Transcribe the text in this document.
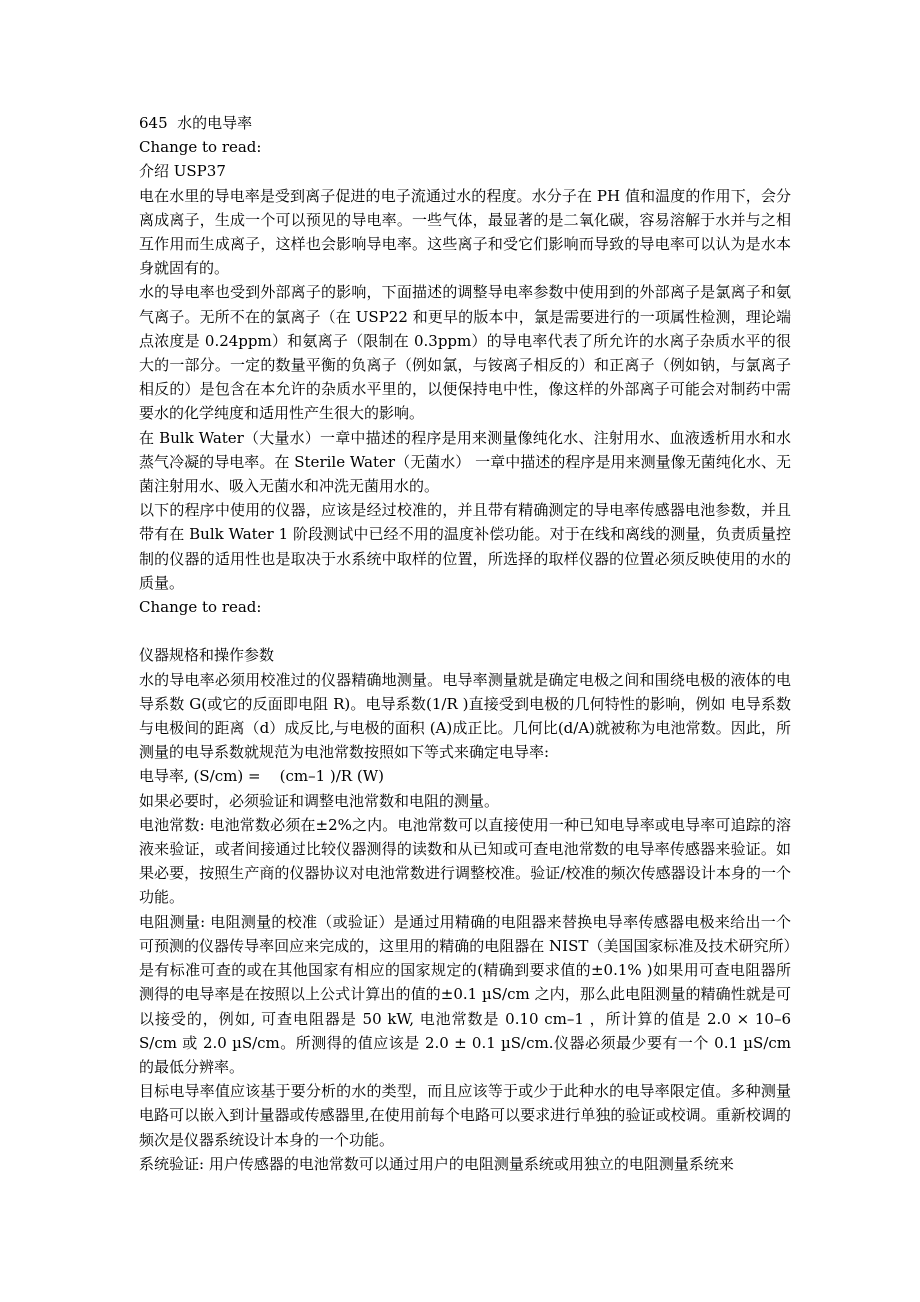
645  水的电导率
Change to read:
介绍 USP37

电在水里的导电率是受到离子促进的电子流通过水的程度。水分子在 PH 值和温度的作用下，会分离成离子，生成一个可以预见的导电率。一些气体，最显著的是二氧化碳，容易溶解于水并与之相互作用而生成离子，这样也会影响导电率。这些离子和受它们影响而导致的导电率可以认为是水本身就固有的。

水的导电率也受到外部离子的影响，下面描述的调整导电率参数中使用到的外部离子是氯离子和氨气离子。无所不在的氯离子（在 USP22 和更早的版本中，氯是需要进行的一项属性检测，理论端点浓度是 0.24ppm）和氨离子（限制在 0.3ppm）的导电率代表了所允许的水离子杂质水平的很大的一部分。一定的数量平衡的负离子（例如氯，与铵离子相反的）和正离子（例如钠，与氯离子相反的）是包含在本允许的杂质水平里的，以便保持电中性，像这样的外部离子可能会对制药中需要水的化学纯度和适用性产生很大的影响。

在 Bulk Water（大量水）一章中描述的程序是用来测量像纯化水、注射用水、血液透析用水和水蒸气冷凝的导电率。在 Sterile Water（无菌水） 一章中描述的程序是用来测量像无菌纯化水、无菌注射用水、吸入无菌水和冲洗无菌用水的。

以下的程序中使用的仪器，应该是经过校准的，并且带有精确测定的导电率传感器电池参数，并且带有在 Bulk Water 1 阶段测试中已经不用的温度补偿功能。对于在线和离线的测量，负责质量控制的仪器的适用性也是取决于水系统中取样的位置，所选择的取样仪器的位置必须反映使用的水的质量。

Change to read:
仪器规格和操作参数

水的导电率必须用校准过的仪器精确地测量。电导率测量就是确定电极之间和围绕电极的液体的电导系数 G(或它的反面即电阻 R)。电导系数(1/R )直接受到电极的几何特性的影响，例如 电导系数与电极间的距离（d）成反比,与电极的面积 (A)成正比。几何比(d/A)就被称为电池常数。因此，所测量的电导系数就规范为电池常数按照如下等式来确定电导率:

电导率, (S/cm) =    (cm–1 )/R (W)

如果必要时，必须验证和调整电池常数和电阻的测量。

电池常数: 电池常数必须在±2%之内。电池常数可以直接使用一种已知电导率或电导率可追踪的溶液来验证，或者间接通过比较仪器测得的读数和从已知或可查电池常数的电导率传感器来验证。如果必要，按照生产商的仪器协议对电池常数进行调整校准。验证/校准的频次传感器设计本身的一个功能。

电阻测量: 电阻测量的校准（或验证）是通过用精确的电阻器来替换电导率传感器电极来给出一个可预测的仪器传导率回应来完成的，这里用的精确的电阻器在 NIST（美国国家标准及技术研究所）是有标准可查的或在其他国家有相应的国家规定的(精确到要求值的±0.1% )如果用可查电阻器所测得的电导率是在按照以上公式计算出的值的±0.1 µS/cm 之内，那么此电阻测量的精确性就是可以接受的，例如, 可查电阻器是 50 kW, 电池常数是 0.10 cm–1 ，所计算的值是 2.0 × 10–6 S/cm 或 2.0 µS/cm。所测得的值应该是 2.0 ± 0.1 µS/cm.仪器必须最少要有一个 0.1 µS/cm 的最低分辨率。

目标电导率值应该基于要分析的水的类型，而且应该等于或少于此种水的电导率限定值。多种测量电路可以嵌入到计量器或传感器里,在使用前每个电路可以要求进行单独的验证或校调。重新校调的频次是仪器系统设计本身的一个功能。

系统验证: 用户传感器的电池常数可以通过用户的电阻测量系统或用独立的电阻测量系统来
